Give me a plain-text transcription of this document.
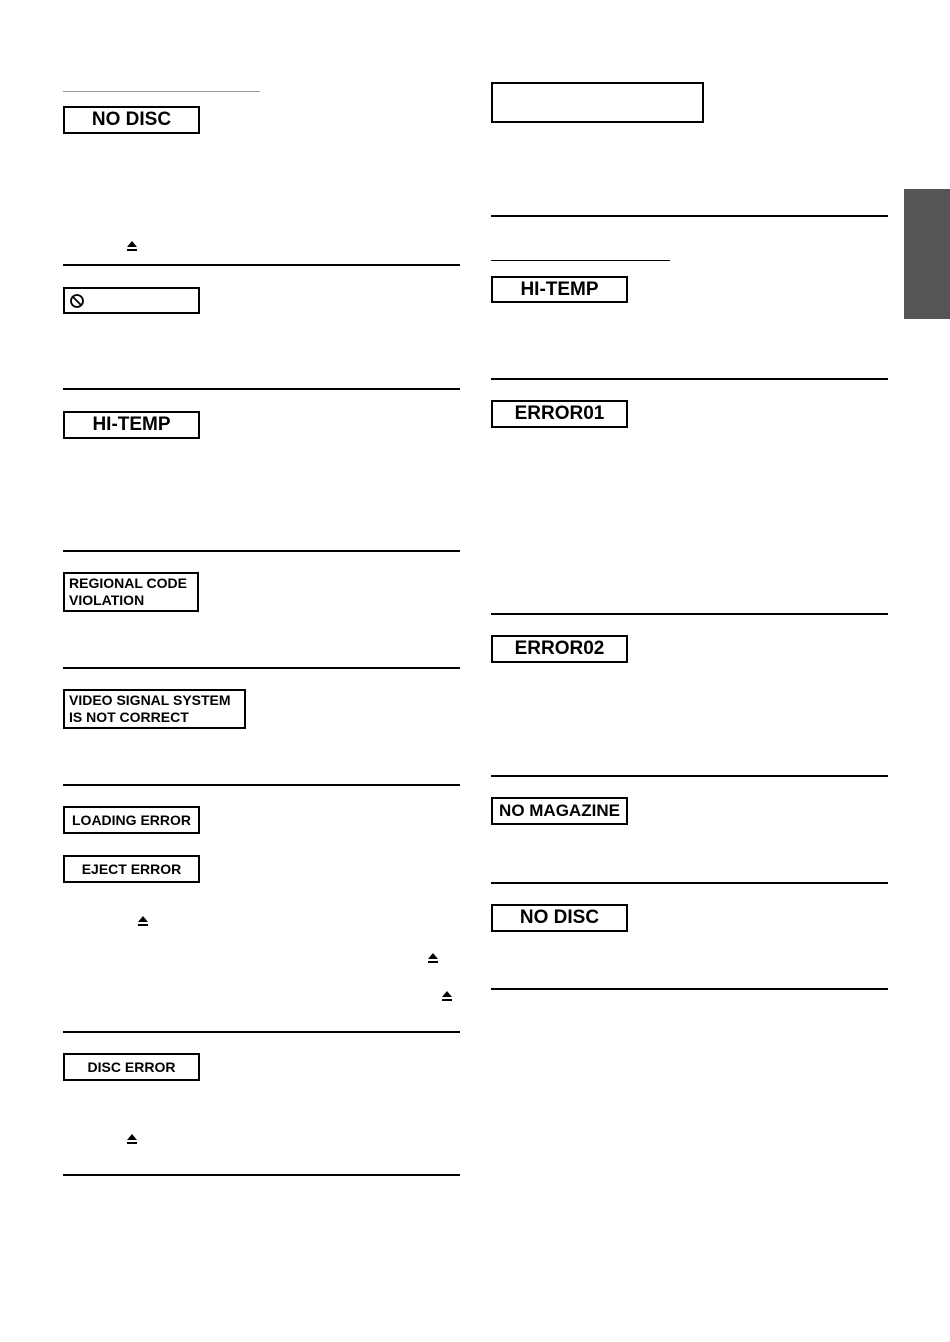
NO DISC
HI-TEMP
REGIONAL CODE
VIOLATION
VIDEO SIGNAL SYSTEM
IS NOT CORRECT
LOADING ERROR
EJECT ERROR
DISC ERROR
HI-TEMP
ERROR01
ERROR02
NO MAGAZINE
NO DISC
